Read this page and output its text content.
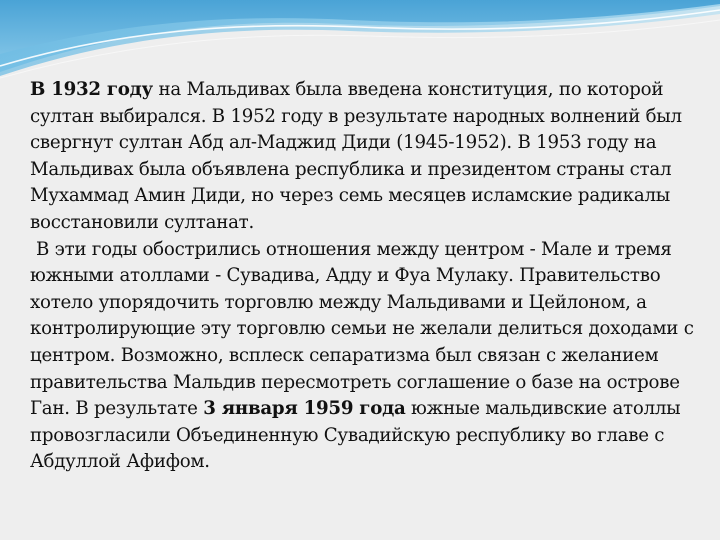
В 1932 году на Мальдивах была введена конституция, по которой султан выбирался. В 1952 году в результате народных волнений был свергнут султан Абд ал-Маджид Диди (1945-1952). В 1953 году на Мальдивах была объявлена республика и президентом страны стал Мухаммад Амин Диди, но через семь месяцев исламские радикалы восстановили султанат.

В эти годы обострились отношения между центром - Мале и тремя южными атоллами - Сувадива, Адду и Фуа Мулаку. Правительство хотело упорядочить торговлю между Мальдивами и Цейлоном, а контролирующие эту торговлю семьи не желали делиться доходами с центром. Возможно, всплеск сепаратизма был связан с желанием правительства Мальдив пересмотреть соглашение о базе на острове Ган. В результате 3 января 1959 года южные мальдивские атоллы провозгласили Объединенную Сувадийскую республику во главе с Абдуллой Афифом.
